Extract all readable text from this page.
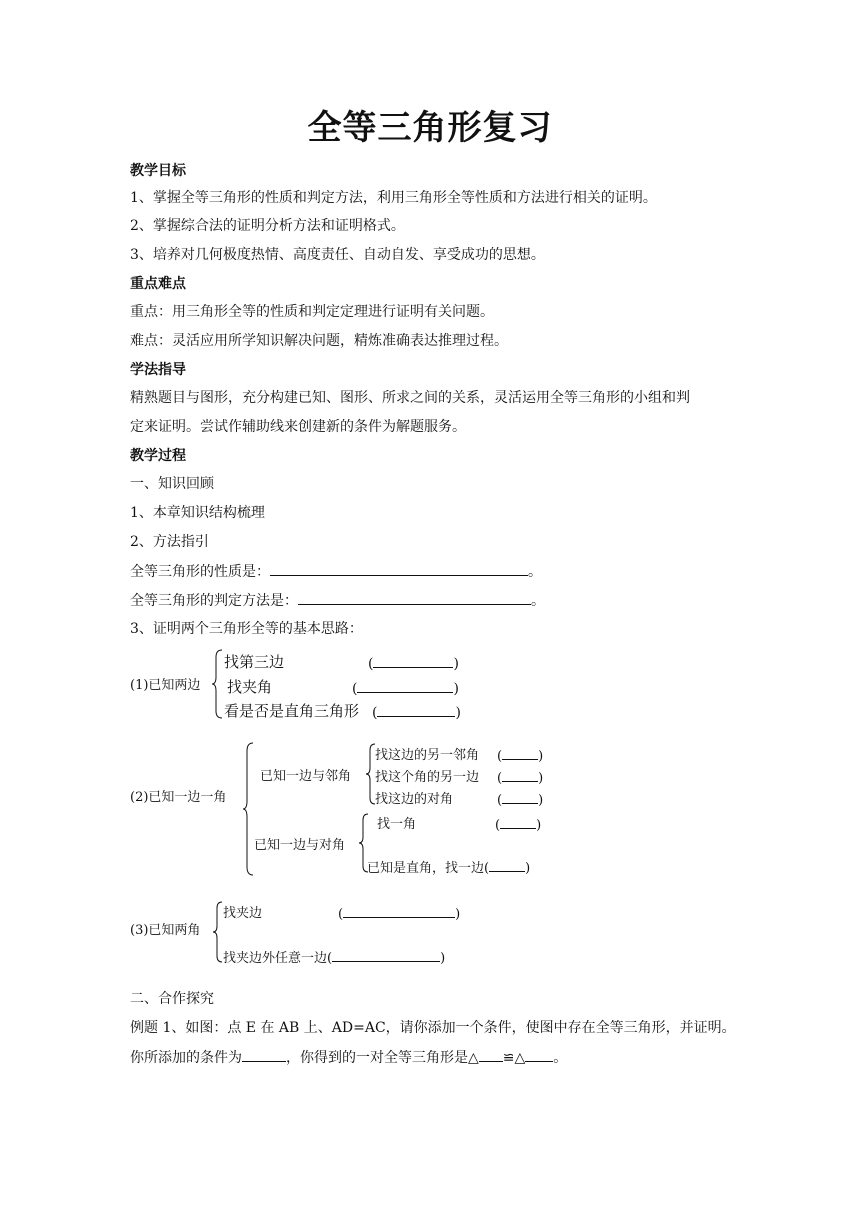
全等三角形复习
教学目标
1、掌握全等三角形的性质和判定方法，利用三角形全等性质和方法进行相关的证明。
2、掌握综合法的证明分析方法和证明格式。
3、培养对几何极度热情、高度责任、自动自发、享受成功的思想。
重点难点
重点：用三角形全等的性质和判定定理进行证明有关问题。
难点：灵活应用所学知识解决问题，精炼准确表达推理过程。
学法指导
精熟题目与图形，充分构建已知、图形、所求之间的关系，灵活运用全等三角形的小组和判
定来证明。尝试作辅助线来创建新的条件为解题服务。
教学过程
一、知识回顾
1、本章知识结构梳理
2、方法指引
全等三角形的性质是：	。
全等三角形的判定方法是：	。
3、证明两个三角形全等的基本思路：
(1)已知两边
找第三边
找夹角
看是否是直角三角形
(	)
(	)
(	)
(2)已知一边一角
已知一边与邻角
找这边的另一邻角
找这个角的另一边
找这边的对角
(	)
(	)
(	)
已知一边与对角
找一角	(	)
已知是直角，找一边(	)
(3)已知两角
找夹边	(	)
找夹边外任意一边(	)
二、合作探究
例题 1、如图：点 E 在 AB 上、AD=AC，请你添加一个条件，使图中存在全等三角形，并证明。
你所添加的条件为	，你得到的一对全等三角形是△ ≌△ 。
